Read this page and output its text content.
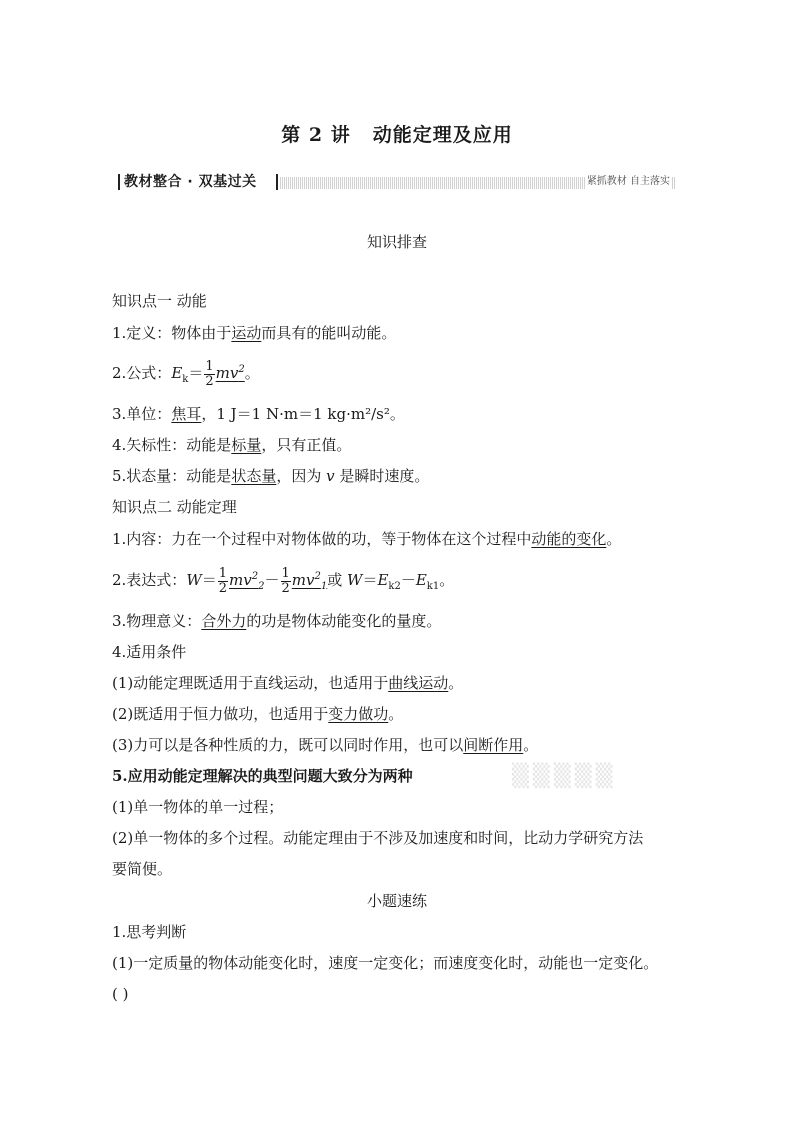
第 2 讲 动能定理及应用
教材整合 · 双基过关	紧抓教材 自主落实
知识排查
知识点一 动能
1.定义：物体由于运动而具有的能叫动能。
2.公式：$E_k= \frac{1}{2} mv^2$。
3.单位：焦耳，1 J＝1 N·m＝1 kg·m²/s²。
4.矢标性：动能是标量，只有正值。
5.状态量：动能是状态量，因为 v 是瞬时速度。
知识点二 动能定理
1.内容：力在一个过程中对物体做的功，等于物体在这个过程中动能的变化。
2.表达式：$W= \frac{1}{2} mv^2_2- \frac{1}{2} mv^2_1$或 $W=E_{k2}-E_{k1}$。
3.物理意义：合外力的功是物体动能变化的量度。
4.适用条件
(1)动能定理既适用于直线运动，也适用于曲线运动。
(2)既适用于恒力做功，也适用于变力做功。
(3)力可以是各种性质的力，既可以同时作用，也可以间断作用。
5.应用动能定理解决的典型问题大致分为两种	▒▒▒▒▒
(1)单一物体的单一过程；
(2)单一物体的多个过程。动能定理由于不涉及加速度和时间，比动力学研究方法
要简便。
小题速练
1.思考判断
(1)一定质量的物体动能变化时，速度一定变化；而速度变化时，动能也一定变化。
( )
